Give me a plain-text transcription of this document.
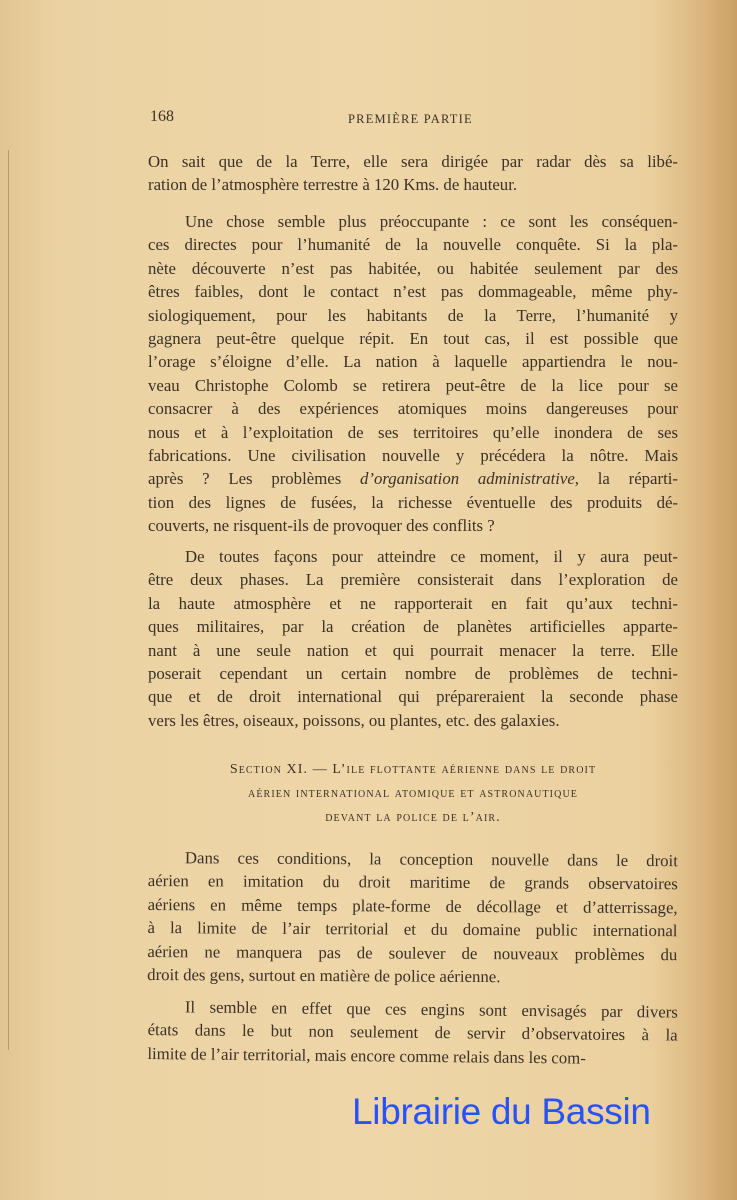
168	PREMIÈRE PARTIE
On sait que de la Terre, elle sera dirigée par radar dès sa libé-
ration de l’atmosphère terrestre à 120 Kms. de hauteur.
Une chose semble plus préoccupante : ce sont les conséquen-
ces directes pour l’humanité de la nouvelle conquête. Si la pla-
nète découverte n’est pas habitée, ou habitée seulement par des
êtres faibles, dont le contact n’est pas dommageable, même phy-
siologiquement, pour les habitants de la Terre, l’humanité y
gagnera peut-être quelque répit. En tout cas, il est possible que
l’orage s’éloigne d’elle. La nation à laquelle appartiendra le nou-
veau Christophe Colomb se retirera peut-être de la lice pour se
consacrer à des expériences atomiques moins dangereuses pour
nous et à l’exploitation de ses territoires qu’elle inondera de ses
fabrications. Une civilisation nouvelle y précédera la nôtre. Mais
après ? Les problèmes d’organisation administrative, la réparti-
tion des lignes de fusées, la richesse éventuelle des produits dé-
couverts, ne risquent-ils de provoquer des conflits ?
De toutes façons pour atteindre ce moment, il y aura peut-
être deux phases. La première consisterait dans l’exploration de
la haute atmosphère et ne rapporterait en fait qu’aux techni-
ques militaires, par la création de planètes artificielles apparte-
nant à une seule nation et qui pourrait menacer la terre. Elle
poserait cependant un certain nombre de problèmes de techni-
que et de droit international qui prépareraient la seconde phase
vers les êtres, oiseaux, poissons, ou plantes, etc. des galaxies.
Section XI. — L’ile flottante aérienne dans le droit
aérien international atomique et astronautique
devant la police de l’air.
Dans ces conditions, la conception nouvelle dans le droit
aérien en imitation du droit maritime de grands observatoires
aériens en même temps plate-forme de décollage et d’atterrissage,
à la limite de l’air territorial et du domaine public international
aérien ne manquera pas de soulever de nouveaux problèmes du
droit des gens, surtout en matière de police aérienne.
Il semble en effet que ces engins sont envisagés par divers
états dans le but non seulement de servir d’observatoires à la
limite de l’air territorial, mais encore comme relais dans les com-
Librairie du Bassin
